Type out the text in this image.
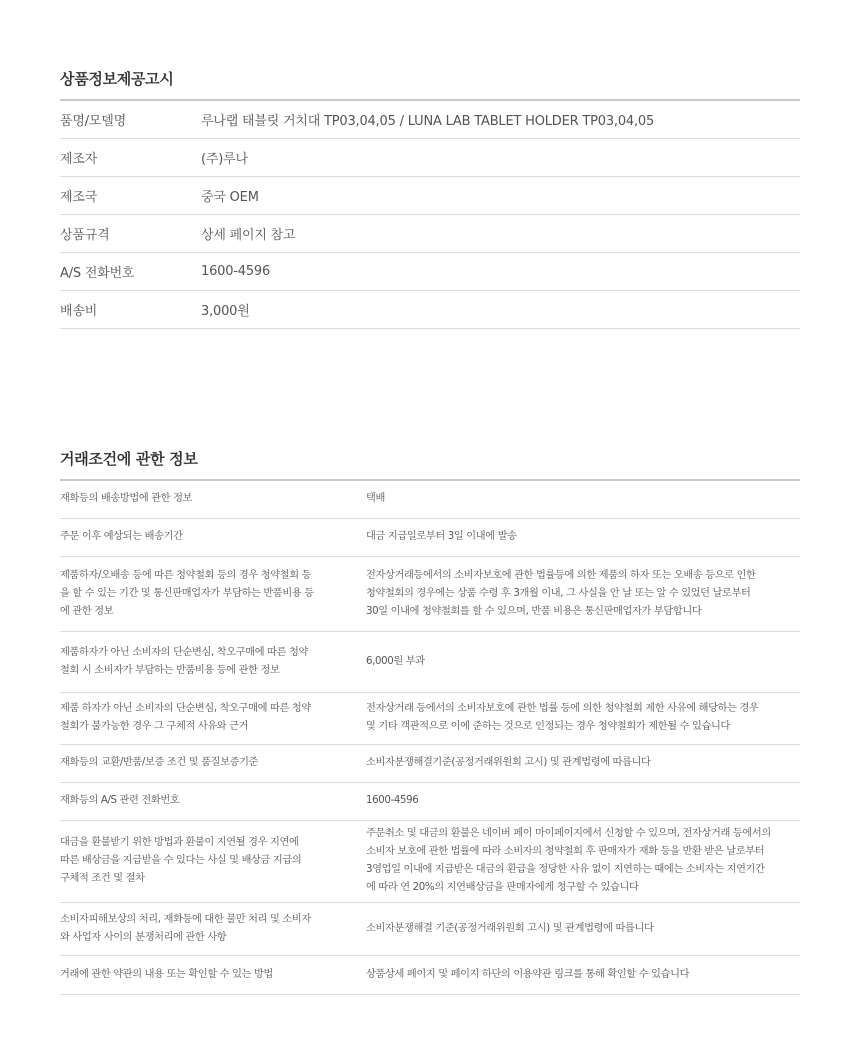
상품정보제공고시
품명/모델명	루나랩 태블릿 거치대 TP03,04,05 / LUNA LAB TABLET HOLDER TP03,04,05
제조자	(주)루나
제조국	중국 OEM
상품규격	상세 페이지 참고
A/S 전화번호	1600-4596
배송비	3,000원
거래조건에 관한 정보
재화등의 배송방법에 관한 정보	택배

주문 이후 예상되는 배송기간	대금 지급일로부터 3일 이내에 발송

제품하자/오배송 등에 따른 청약철회 등의 경우 청약철회 등
을 할 수 있는 기간 및 통신판매업자가 부담하는 반품비용 등
에 관한 정보	전자상거래등에서의 소비자보호에 관한 법률등에 의한 제품의 하자 또는 오배송 등으로 인한
청약철회의 경우에는 상품 수령 후 3개월 이내, 그 사실을 안 날 또는 알 수 있었던 날로부터
30일 이내에 청약철회를 할 수 있으며, 반품 비용은 통신판매업자가 부담합니다

제품하자가 아닌 소비자의 단순변심, 착오구매에 따른 청약
철회 시 소비자가 부담하는 반품비용 등에 관한 정보	6,000원 부과

제품 하자가 아닌 소비자의 단순변심, 착오구매에 따른 청약
철회가 불가능한 경우 그 구체적 사유와 근거	전자상거래 등에서의 소비자보호에 관한 법률 등에 의한 청약철회 제한 사유에 해당하는 경우
및 기타 객관적으로 이에 준하는 것으로 인정되는 경우 청약철회가 제한될 수 있습니다

재화등의 교환/반품/보증 조건 및 품질보증기준	소비자분쟁해결기준(공정거래위원회 고시) 및 관계법령에 따릅니다

재화등의 A/S 관련 전화번호	1600-4596

대금을 환불받기 위한 방법과 환불이 지연될 경우 지연에
따른 배상금을 지급받을 수 있다는 사실 및 배상금 지급의
구체적 조건 및 절차	주문취소 및 대금의 환불은 네이버 페이 마이페이지에서 신청할 수 있으며, 전자상거래 등에서의
소비자 보호에 관한 법률에 따라 소비자의 청약철회 후 판매자가 재화 등을 반환 받은 날로부터
3영업일 이내에 지급받은 대금의 환급을 정당한 사유 없이 지연하는 때에는 소비자는 지연기간
에 따라 연 20%의 지연배상금을 판매자에게 청구할 수 있습니다

소비자피해보상의 처리, 재화등에 대한 불만 처리 및 소비자
와 사업자 사이의 분쟁처리에 관한 사항	소비자분쟁해결 기준(공정거래위원회 고시) 및 관계법령에 따릅니다

거래에 관한 약관의 내용 또는 확인할 수 있는 방법	상품상세 페이지 및 페이지 하단의 이용약관 링크를 통해 확인할 수 있습니다
